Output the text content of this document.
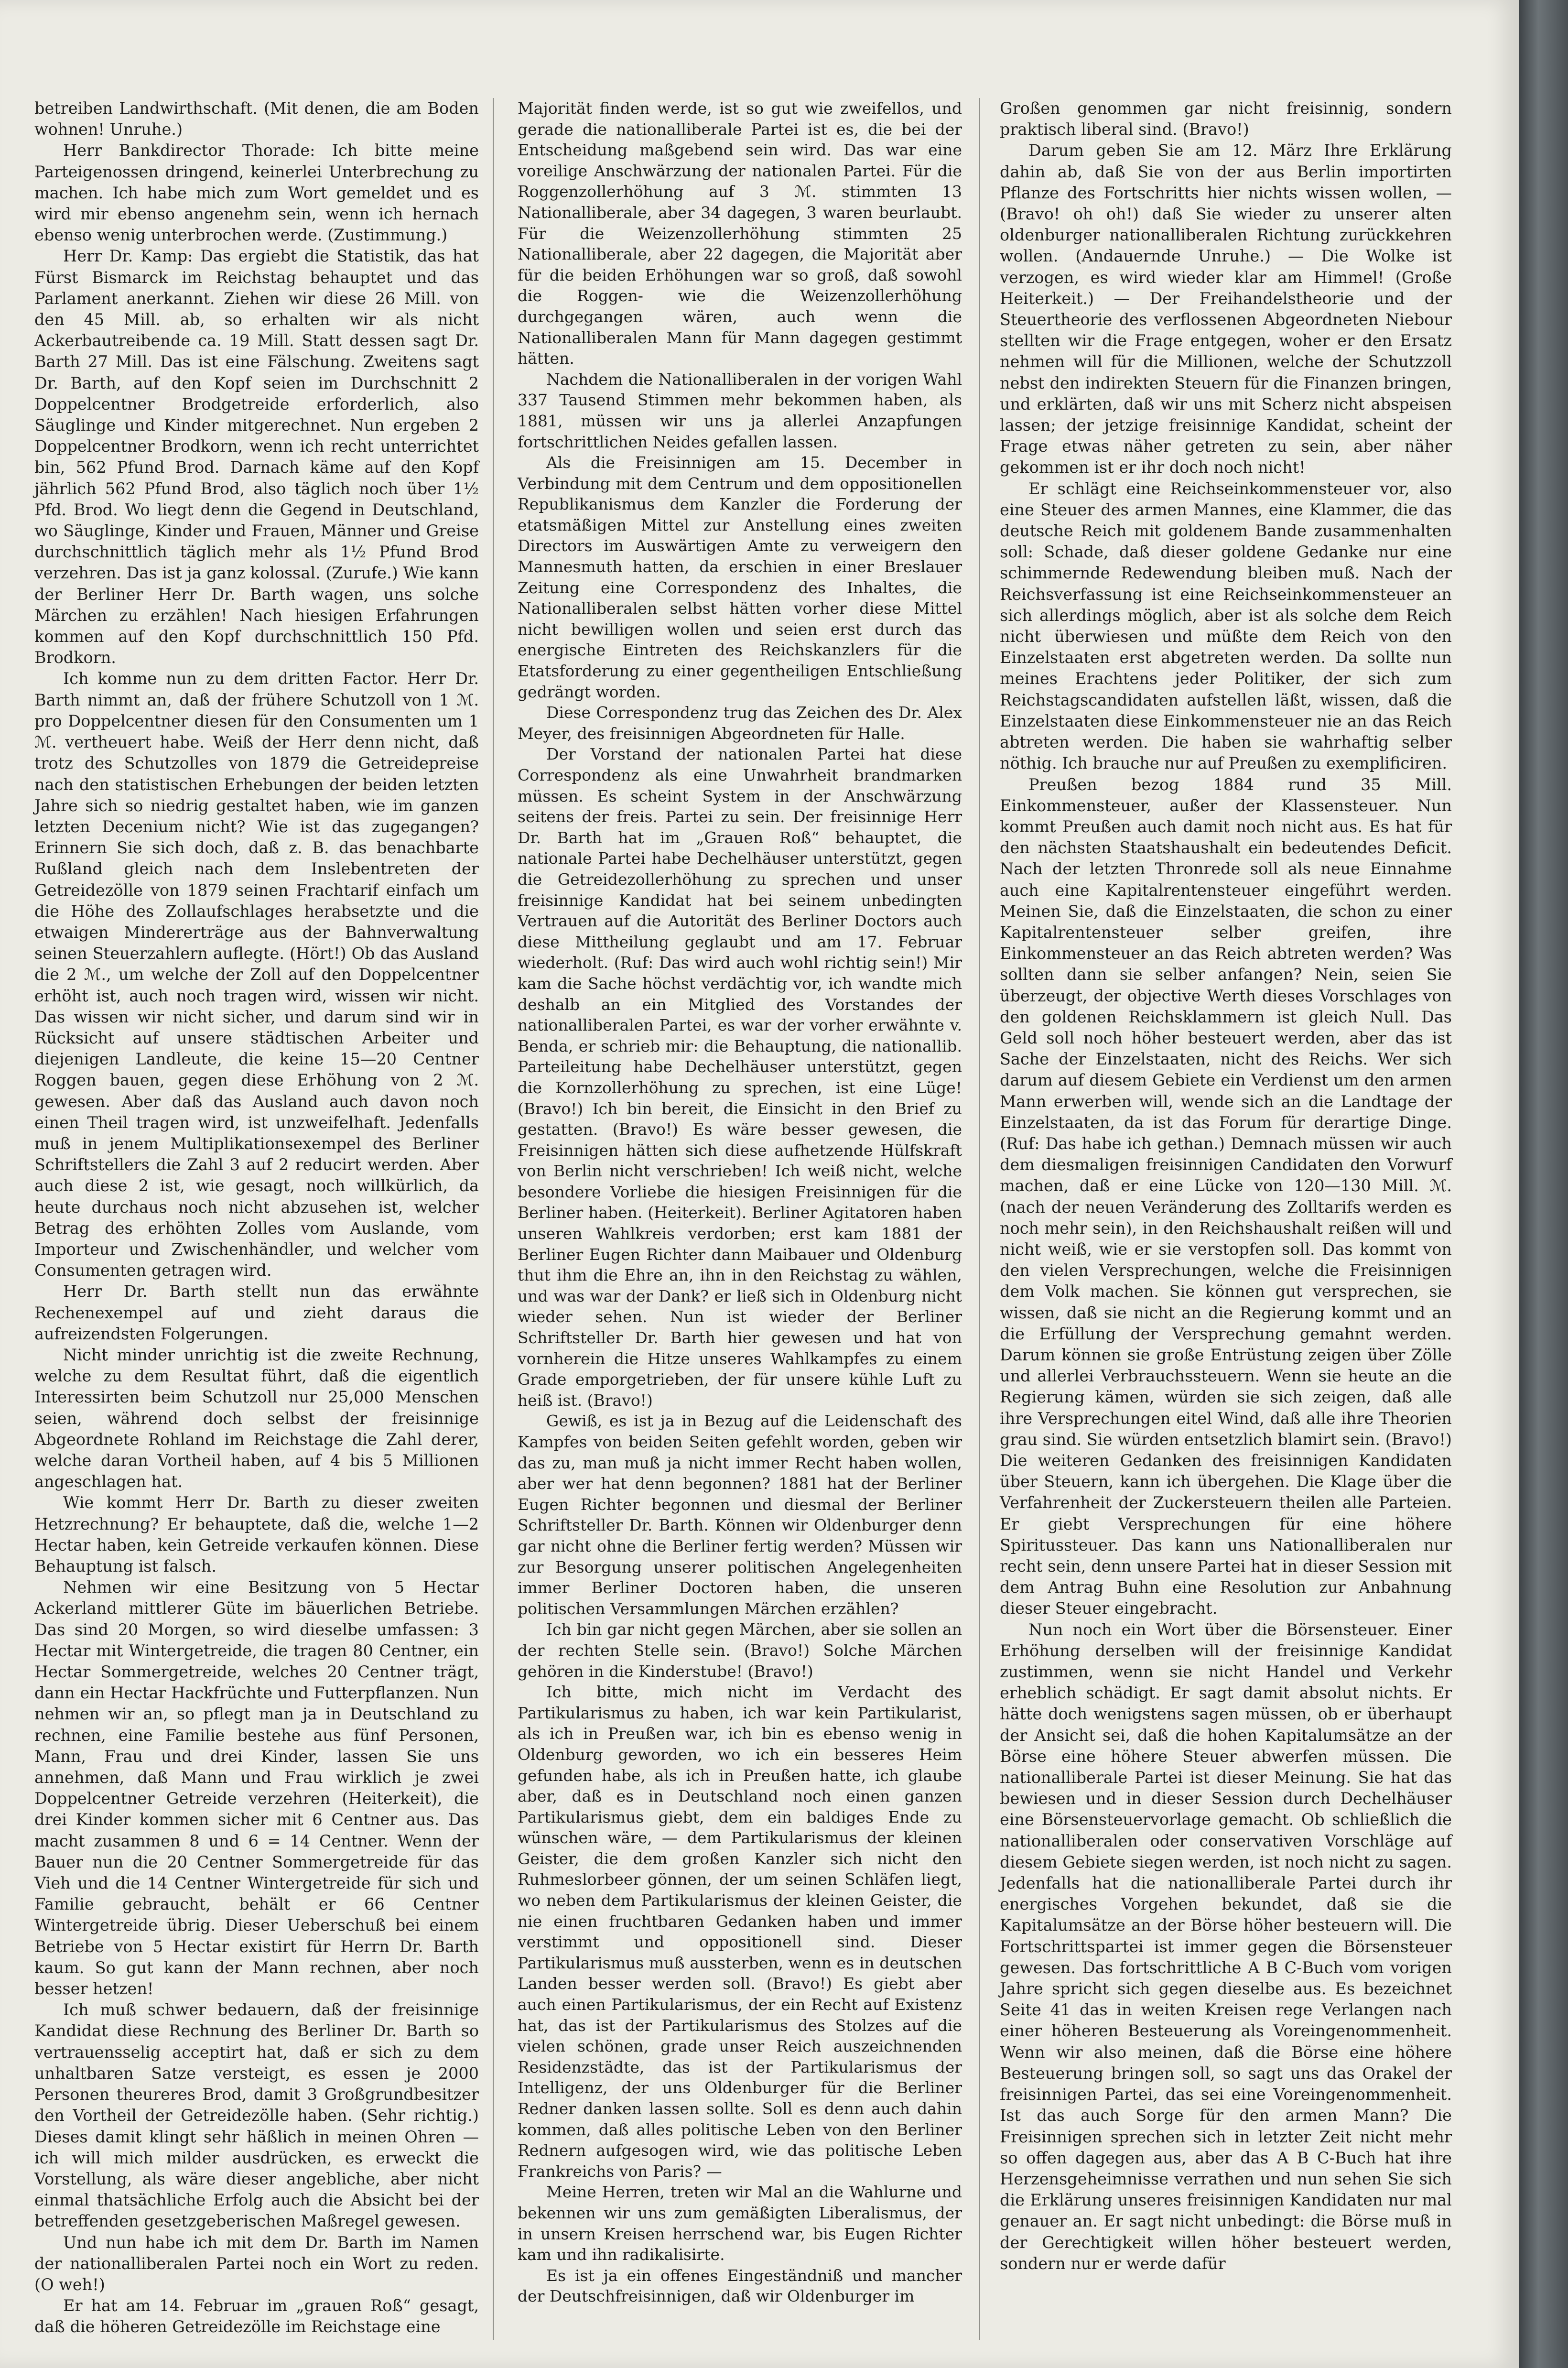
betreiben Landwirthschaft. (Mit denen, die am Boden wohnen! Unruhe.)

Herr Bankdirector Thorade: Ich bitte meine Parteigenossen dringend, keinerlei Unterbrechung zu machen. Ich habe mich zum Wort gemeldet und es wird mir ebenso angenehm sein, wenn ich hernach ebenso wenig unterbrochen werde. (Zustimmung.)

Herr Dr. Kamp: Das ergiebt die Statistik, das hat Fürst Bismarck im Reichstag behauptet und das Parlament anerkannt. Ziehen wir diese 26 Mill. von den 45 Mill. ab, so erhalten wir als nicht Ackerbautreibende ca. 19 Mill. Statt dessen sagt Dr. Barth 27 Mill. Das ist eine Fälschung. Zweitens sagt Dr. Barth, auf den Kopf seien im Durchschnitt 2 Doppelcentner Brodgetreide erforderlich, also Säuglinge und Kinder mitgerechnet. Nun ergeben 2 Doppelcentner Brodkorn, wenn ich recht unterrichtet bin, 562 Pfund Brod. Darnach käme auf den Kopf jährlich 562 Pfund Brod, also täglich noch über 1½ Pfd. Brod. Wo liegt denn die Gegend in Deutschland, wo Säuglinge, Kinder und Frauen, Männer und Greise durchschnittlich täglich mehr als 1½ Pfund Brod verzehren. Das ist ja ganz kolossal. (Zurufe.) Wie kann der Berliner Herr Dr. Barth wagen, uns solche Märchen zu erzählen! Nach hiesigen Erfahrungen kommen auf den Kopf durchschnittlich 150 Pfd. Brodkorn.

Ich komme nun zu dem dritten Factor. Herr Dr. Barth nimmt an, daß der frühere Schutzoll von 1 ℳ. pro Doppelcentner diesen für den Consumenten um 1 ℳ. vertheuert habe. Weiß der Herr denn nicht, daß trotz des Schutzolles von 1879 die Getreidepreise nach den statistischen Erhebungen der beiden letzten Jahre sich so niedrig gestaltet haben, wie im ganzen letzten Decenium nicht? Wie ist das zugegangen? Erinnern Sie sich doch, daß z. B. das benachbarte Rußland gleich nach dem Inslebentreten der Getreidezölle von 1879 seinen Frachtarif einfach um die Höhe des Zollaufschlages herabsetzte und die etwaigen Mindererträge aus der Bahnverwaltung seinen Steuerzahlern auflegte. (Hört!) Ob das Ausland die 2 ℳ., um welche der Zoll auf den Doppelcentner erhöht ist, auch noch tragen wird, wissen wir nicht. Das wissen wir nicht sicher, und darum sind wir in Rücksicht auf unsere städtischen Arbeiter und diejenigen Landleute, die keine 15—20 Centner Roggen bauen, gegen diese Erhöhung von 2 ℳ. gewesen. Aber daß das Ausland auch davon noch einen Theil tragen wird, ist unzweifelhaft. Jedenfalls muß in jenem Multiplikationsexempel des Berliner Schriftstellers die Zahl 3 auf 2 reducirt werden. Aber auch diese 2 ist, wie gesagt, noch willkürlich, da heute durchaus noch nicht abzusehen ist, welcher Betrag des erhöhten Zolles vom Auslande, vom Importeur und Zwischenhändler, und welcher vom Consumenten getragen wird.

Herr Dr. Barth stellt nun das erwähnte Rechenexempel auf und zieht daraus die aufreizendsten Folgerungen.

Nicht minder unrichtig ist die zweite Rechnung, welche zu dem Resultat führt, daß die eigentlich Interessirten beim Schutzoll nur 25,000 Menschen seien, während doch selbst der freisinnige Abgeordnete Rohland im Reichstage die Zahl derer, welche daran Vortheil haben, auf 4 bis 5 Millionen angeschlagen hat.

Wie kommt Herr Dr. Barth zu dieser zweiten Hetzrechnung? Er behauptete, daß die, welche 1—2 Hectar haben, kein Getreide verkaufen können. Diese Behauptung ist falsch.

Nehmen wir eine Besitzung von 5 Hectar Ackerland mittlerer Güte im bäuerlichen Betriebe. Das sind 20 Morgen, so wird dieselbe umfassen: 3 Hectar mit Wintergetreide, die tragen 80 Centner, ein Hectar Sommergetreide, welches 20 Centner trägt, dann ein Hectar Hackfrüchte und Futterpflanzen. Nun nehmen wir an, so pflegt man ja in Deutschland zu rechnen, eine Familie bestehe aus fünf Personen, Mann, Frau und drei Kinder, lassen Sie uns annehmen, daß Mann und Frau wirklich je zwei Doppelcentner Getreide verzehren (Heiterkeit), die drei Kinder kommen sicher mit 6 Centner aus. Das macht zusammen 8 und 6 = 14 Centner. Wenn der Bauer nun die 20 Centner Sommergetreide für das Vieh und die 14 Centner Wintergetreide für sich und Familie gebraucht, behält er 66 Centner Wintergetreide übrig. Dieser Ueberschuß bei einem Betriebe von 5 Hectar existirt für Herrn Dr. Barth kaum. So gut kann der Mann rechnen, aber noch besser hetzen!

Ich muß schwer bedauern, daß der freisinnige Kandidat diese Rechnung des Berliner Dr. Barth so vertrauensselig acceptirt hat, daß er sich zu dem unhaltbaren Satze versteigt, es essen je 2000 Personen theureres Brod, damit 3 Großgrundbesitzer den Vortheil der Getreidezölle haben. (Sehr richtig.) Dieses damit klingt sehr häßlich in meinen Ohren — ich will mich milder ausdrücken, es erweckt die Vorstellung, als wäre dieser angebliche, aber nicht einmal thatsächliche Erfolg auch die Absicht bei der betreffenden gesetzgeberischen Maßregel gewesen.

Und nun habe ich mit dem Dr. Barth im Namen der nationalliberalen Partei noch ein Wort zu reden. (O weh!)

Er hat am 14. Februar im „grauen Roß“ gesagt, daß die höheren Getreidezölle im Reichstage eine

Majorität finden werde, ist so gut wie zweifellos, und gerade die nationalliberale Partei ist es, die bei der Entscheidung maßgebend sein wird. Das war eine voreilige Anschwärzung der nationalen Partei. Für die Roggenzollerhöhung auf 3 ℳ. stimmten 13 Nationalliberale, aber 34 dagegen, 3 waren beurlaubt. Für die Weizenzollerhöhung stimmten 25 Nationalliberale, aber 22 dagegen, die Majorität aber für die beiden Erhöhungen war so groß, daß sowohl die Roggen- wie die Weizenzollerhöhung durchgegangen wären, auch wenn die Nationalliberalen Mann für Mann dagegen gestimmt hätten.

Nachdem die Nationalliberalen in der vorigen Wahl 337 Tausend Stimmen mehr bekommen haben, als 1881, müssen wir uns ja allerlei Anzapfungen fortschrittlichen Neides gefallen lassen.

Als die Freisinnigen am 15. December in Verbindung mit dem Centrum und dem oppositionellen Republikanismus dem Kanzler die Forderung der etatsmäßigen Mittel zur Anstellung eines zweiten Directors im Auswärtigen Amte zu verweigern den Mannesmuth hatten, da erschien in einer Breslauer Zeitung eine Correspondenz des Inhaltes, die Nationalliberalen selbst hätten vorher diese Mittel nicht bewilligen wollen und seien erst durch das energische Eintreten des Reichskanzlers für die Etatsforderung zu einer gegentheiligen Entschließung gedrängt worden.

Diese Correspondenz trug das Zeichen des Dr. Alex Meyer, des freisinnigen Abgeordneten für Halle.

Der Vorstand der nationalen Partei hat diese Correspondenz als eine Unwahrheit brandmarken müssen. Es scheint System in der Anschwärzung seitens der freis. Partei zu sein. Der freisinnige Herr Dr. Barth hat im „Grauen Roß“ behauptet, die nationale Partei habe Dechelhäuser unterstützt, gegen die Getreidezollerhöhung zu sprechen und unser freisinnige Kandidat hat bei seinem unbedingten Vertrauen auf die Autorität des Berliner Doctors auch diese Mittheilung geglaubt und am 17. Februar wiederholt. (Ruf: Das wird auch wohl richtig sein!) Mir kam die Sache höchst verdächtig vor, ich wandte mich deshalb an ein Mitglied des Vorstandes der nationalliberalen Partei, es war der vorher erwähnte v. Benda, er schrieb mir: die Behauptung, die nationallib. Parteileitung habe Dechelhäuser unterstützt, gegen die Kornzollerhöhung zu sprechen, ist eine Lüge! (Bravo!) Ich bin bereit, die Einsicht in den Brief zu gestatten. (Bravo!) Es wäre besser gewesen, die Freisinnigen hätten sich diese aufhetzende Hülfskraft von Berlin nicht verschrieben! Ich weiß nicht, welche besondere Vorliebe die hiesigen Freisinnigen für die Berliner haben. (Heiterkeit). Berliner Agitatoren haben unseren Wahlkreis verdorben; erst kam 1881 der Berliner Eugen Richter dann Maibauer und Oldenburg thut ihm die Ehre an, ihn in den Reichstag zu wählen, und was war der Dank? er ließ sich in Oldenburg nicht wieder sehen. Nun ist wieder der Berliner Schriftsteller Dr. Barth hier gewesen und hat von vornherein die Hitze unseres Wahlkampfes zu einem Grade emporgetrieben, der für unsere kühle Luft zu heiß ist. (Bravo!)

Gewiß, es ist ja in Bezug auf die Leidenschaft des Kampfes von beiden Seiten gefehlt worden, geben wir das zu, man muß ja nicht immer Recht haben wollen, aber wer hat denn begonnen? 1881 hat der Berliner Eugen Richter begonnen und diesmal der Berliner Schriftsteller Dr. Barth. Können wir Oldenburger denn gar nicht ohne die Berliner fertig werden? Müssen wir zur Besorgung unserer politischen Angelegenheiten immer Berliner Doctoren haben, die unseren politischen Versammlungen Märchen erzählen?

Ich bin gar nicht gegen Märchen, aber sie sollen an der rechten Stelle sein. (Bravo!) Solche Märchen gehören in die Kinderstube! (Bravo!)

Ich bitte, mich nicht im Verdacht des Partikularismus zu haben, ich war kein Partikularist, als ich in Preußen war, ich bin es ebenso wenig in Oldenburg geworden, wo ich ein besseres Heim gefunden habe, als ich in Preußen hatte, ich glaube aber, daß es in Deutschland noch einen ganzen Partikularismus giebt, dem ein baldiges Ende zu wünschen wäre, — dem Partikularismus der kleinen Geister, die dem großen Kanzler sich nicht den Ruhmeslorbeer gönnen, der um seinen Schläfen liegt, wo neben dem Partikularismus der kleinen Geister, die nie einen fruchtbaren Gedanken haben und immer verstimmt und oppositionell sind. Dieser Partikularismus muß aussterben, wenn es in deutschen Landen besser werden soll. (Bravo!) Es giebt aber auch einen Partikularismus, der ein Recht auf Existenz hat, das ist der Partikularismus des Stolzes auf die vielen schönen, grade unser Reich auszeichnenden Residenzstädte, das ist der Partikularismus der Intelligenz, der uns Oldenburger für die Berliner Redner danken lassen sollte. Soll es denn auch dahin kommen, daß alles politische Leben von den Berliner Rednern aufgesogen wird, wie das politische Leben Frankreichs von Paris? —

Meine Herren, treten wir Mal an die Wahlurne und bekennen wir uns zum gemäßigten Liberalismus, der in unsern Kreisen herrschend war, bis Eugen Richter kam und ihn radikalisirte.

Es ist ja ein offenes Eingeständniß und mancher der Deutschfreisinnigen, daß wir Oldenburger im

Großen genommen gar nicht freisinnig, sondern praktisch liberal sind. (Bravo!)

Darum geben Sie am 12. März Ihre Erklärung dahin ab, daß Sie von der aus Berlin importirten Pflanze des Fortschritts hier nichts wissen wollen, — (Bravo! oh oh!) daß Sie wieder zu unserer alten oldenburger nationalliberalen Richtung zurückkehren wollen. (Andauernde Unruhe.) — Die Wolke ist verzogen, es wird wieder klar am Himmel! (Große Heiterkeit.) — Der Freihandelstheorie und der Steuertheorie des verflossenen Abgeordneten Niebour stellten wir die Frage entgegen, woher er den Ersatz nehmen will für die Millionen, welche der Schutzzoll nebst den indirekten Steuern für die Finanzen bringen, und erklärten, daß wir uns mit Scherz nicht abspeisen lassen; der jetzige freisinnige Kandidat, scheint der Frage etwas näher getreten zu sein, aber näher gekommen ist er ihr doch noch nicht!

Er schlägt eine Reichseinkommensteuer vor, also eine Steuer des armen Mannes, eine Klammer, die das deutsche Reich mit goldenem Bande zusammenhalten soll: Schade, daß dieser goldene Gedanke nur eine schimmernde Redewendung bleiben muß. Nach der Reichsverfassung ist eine Reichseinkommensteuer an sich allerdings möglich, aber ist als solche dem Reich nicht überwiesen und müßte dem Reich von den Einzelstaaten erst abgetreten werden. Da sollte nun meines Erachtens jeder Politiker, der sich zum Reichstagscandidaten aufstellen läßt, wissen, daß die Einzelstaaten diese Einkommensteuer nie an das Reich abtreten werden. Die haben sie wahrhaftig selber nöthig. Ich brauche nur auf Preußen zu exemplificiren.

Preußen bezog 1884 rund 35 Mill. Einkommensteuer, außer der Klassensteuer. Nun kommt Preußen auch damit noch nicht aus. Es hat für den nächsten Staatshaushalt ein bedeutendes Deficit. Nach der letzten Thronrede soll als neue Einnahme auch eine Kapitalrentensteuer eingeführt werden. Meinen Sie, daß die Einzelstaaten, die schon zu einer Kapitalrentensteuer selber greifen, ihre Einkommensteuer an das Reich abtreten werden? Was sollten dann sie selber anfangen? Nein, seien Sie überzeugt, der objective Werth dieses Vorschlages von den goldenen Reichsklammern ist gleich Null. Das Geld soll noch höher besteuert werden, aber das ist Sache der Einzelstaaten, nicht des Reichs. Wer sich darum auf diesem Gebiete ein Verdienst um den armen Mann erwerben will, wende sich an die Landtage der Einzelstaaten, da ist das Forum für derartige Dinge. (Ruf: Das habe ich gethan.) Demnach müssen wir auch dem diesmaligen freisinnigen Candidaten den Vorwurf machen, daß er eine Lücke von 120—130 Mill. ℳ. (nach der neuen Veränderung des Zolltarifs werden es noch mehr sein), in den Reichshaushalt reißen will und nicht weiß, wie er sie verstopfen soll. Das kommt von den vielen Versprechungen, welche die Freisinnigen dem Volk machen. Sie können gut versprechen, sie wissen, daß sie nicht an die Regierung kommt und an die Erfüllung der Versprechung gemahnt werden. Darum können sie große Entrüstung zeigen über Zölle und allerlei Verbrauchssteuern. Wenn sie heute an die Regierung kämen, würden sie sich zeigen, daß alle ihre Versprechungen eitel Wind, daß alle ihre Theorien grau sind. Sie würden entsetzlich blamirt sein. (Bravo!) Die weiteren Gedanken des freisinnigen Kandidaten über Steuern, kann ich übergehen. Die Klage über die Verfahrenheit der Zuckersteuern theilen alle Parteien. Er giebt Versprechungen für eine höhere Spiritussteuer. Das kann uns Nationalliberalen nur recht sein, denn unsere Partei hat in dieser Session mit dem Antrag Buhn eine Resolution zur Anbahnung dieser Steuer eingebracht.

Nun noch ein Wort über die Börsensteuer. Einer Erhöhung derselben will der freisinnige Kandidat zustimmen, wenn sie nicht Handel und Verkehr erheblich schädigt. Er sagt damit absolut nichts. Er hätte doch wenigstens sagen müssen, ob er überhaupt der Ansicht sei, daß die hohen Kapitalumsätze an der Börse eine höhere Steuer abwerfen müssen. Die nationalliberale Partei ist dieser Meinung. Sie hat das bewiesen und in dieser Session durch Dechelhäuser eine Börsensteuervorlage gemacht. Ob schließlich die nationalliberalen oder conservativen Vorschläge auf diesem Gebiete siegen werden, ist noch nicht zu sagen. Jedenfalls hat die nationalliberale Partei durch ihr energisches Vorgehen bekundet, daß sie die Kapitalumsätze an der Börse höher besteuern will. Die Fortschrittspartei ist immer gegen die Börsensteuer gewesen. Das fortschrittliche A B C-Buch vom vorigen Jahre spricht sich gegen dieselbe aus. Es bezeichnet Seite 41 das in weiten Kreisen rege Verlangen nach einer höheren Besteuerung als Voreingenommenheit. Wenn wir also meinen, daß die Börse eine höhere Besteuerung bringen soll, so sagt uns das Orakel der freisinnigen Partei, das sei eine Voreingenommenheit. Ist das auch Sorge für den armen Mann? Die Freisinnigen sprechen sich in letzter Zeit nicht mehr so offen dagegen aus, aber das A B C-Buch hat ihre Herzensgeheimnisse verrathen und nun sehen Sie sich die Erklärung unseres freisinnigen Kandidaten nur mal genauer an. Er sagt nicht unbedingt: die Börse muß in der Gerechtigkeit willen höher besteuert werden, sondern nur er werde dafür
